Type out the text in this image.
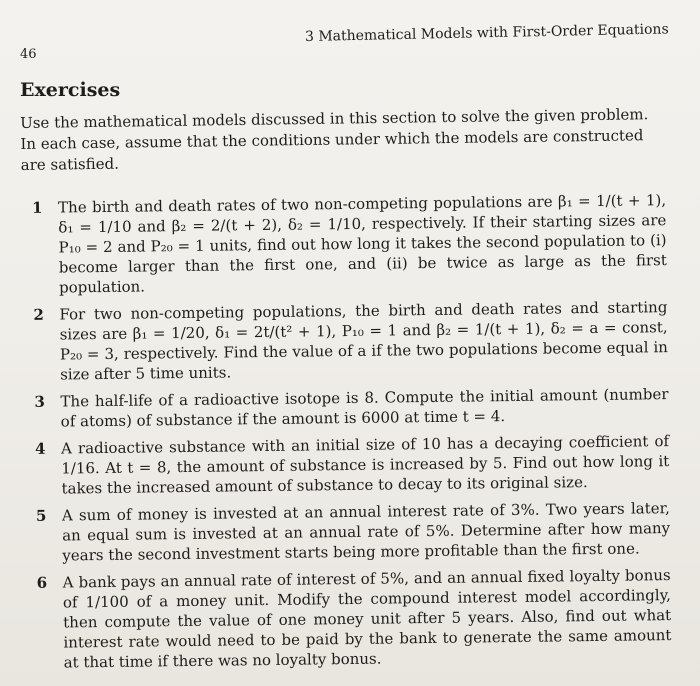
46
3 Mathematical Models with First-Order Equations
Exercises
Use the mathematical models discussed in this section to solve the given problem. In each case, assume that the conditions under which the models are constructed are satisfied.
1 The birth and death rates of two non-competing populations are β₁ = 1/(t + 1), δ₁ = 1/10 and β₂ = 2/(t + 2), δ₂ = 1/10, respectively. If their starting sizes are P₁₀ = 2 and P₂₀ = 1 units, find out how long it takes the second population to (i) become larger than the first one, and (ii) be twice as large as the first population.
2 For two non-competing populations, the birth and death rates and starting sizes are β₁ = 1/20, δ₁ = 2t/(t² + 1), P₁₀ = 1 and β₂ = 1/(t + 1), δ₂ = a = const, P₂₀ = 3, respectively. Find the value of a if the two populations become equal in size after 5 time units.
3 The half-life of a radioactive isotope is 8. Compute the initial amount (number of atoms) of substance if the amount is 6000 at time t = 4.
4 A radioactive substance with an initial size of 10 has a decaying coefficient of 1/16. At t = 8, the amount of substance is increased by 5. Find out how long it takes the increased amount of substance to decay to its original size.
5 A sum of money is invested at an annual interest rate of 3%. Two years later, an equal sum is invested at an annual rate of 5%. Determine after how many years the second investment starts being more profitable than the first one.
6 A bank pays an annual rate of interest of 5%, and an annual fixed loyalty bonus of 1/100 of a money unit. Modify the compound interest model accordingly, then compute the value of one money unit after 5 years. Also, find out what interest rate would need to be paid by the bank to generate the same amount at that time if there was no loyalty bonus.
